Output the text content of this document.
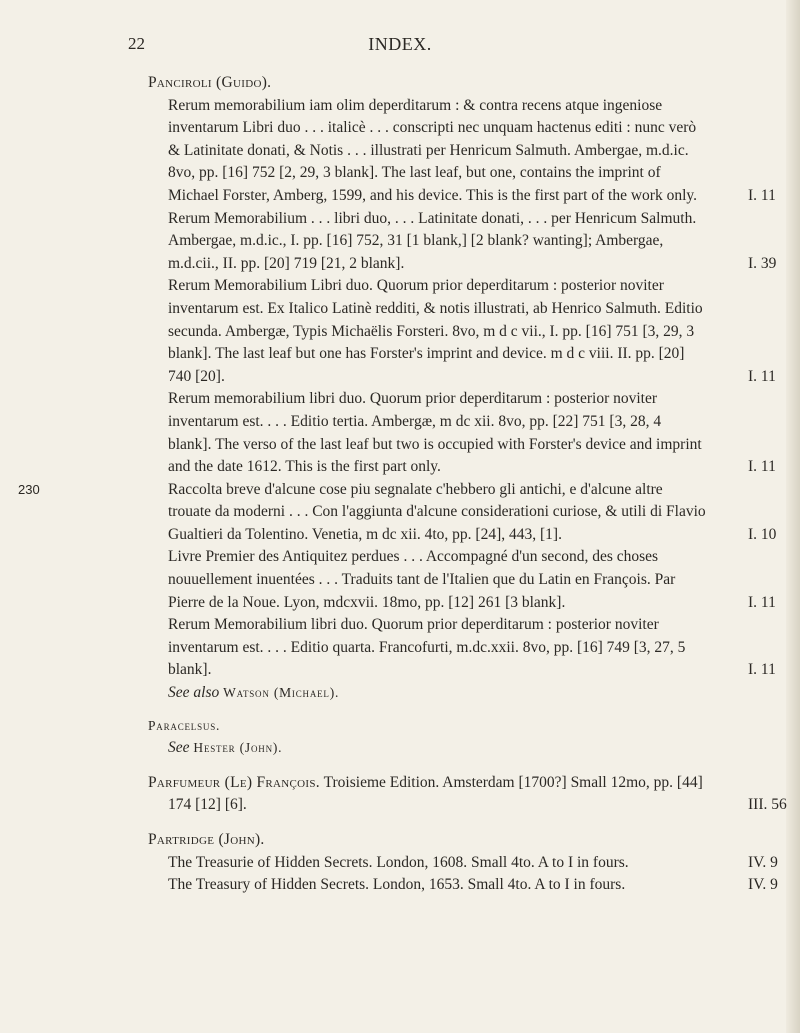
22	INDEX.
Panciroli (Guido).
Rerum memorabilium iam olim deperditarum : & contra recens atque ingeniose inventarum Libri duo . . . italicè . . . conscripti nec unquam hactenus editi : nunc verò & Latinitate donati, & Notis . . . illustrati per Henricum Salmuth. Ambergae, m.d.ic. 8vo, pp. [16] 752 [2, 29, 3 blank]. The last leaf, but one, contains the imprint of Michael Forster, Amberg, 1599, and his device. This is the first part of the work only.	I. 11
Rerum Memorabilium . . . libri duo, . . . Latinitate donati, . . . per Henricum Salmuth. Ambergae, m.d.ic., I. pp. [16] 752, 31 [1 blank,] [2 blank? wanting]; Ambergae, m.d.cii., II. pp. [20] 719 [21, 2 blank].	I. 39
Rerum Memorabilium Libri duo. Quorum prior deperditarum : posterior noviter inventarum est. Ex Italico Latinè redditi, & notis illustrati, ab Henrico Salmuth. Editio secunda. Ambergæ, Typis Michaëlis Forsteri. 8vo, m d c vii., I. pp. [16] 751 [3, 29, 3 blank]. The last leaf but one has Forster's imprint and device. m d c viii. II. pp. [20] 740 [20].	I. 11
Rerum memorabilium libri duo. Quorum prior deperditarum : posterior noviter inventarum est. . . . Editio tertia. Ambergæ, m dc xii. 8vo, pp. [22] 751 [3, 28, 4 blank]. The verso of the last leaf but two is occupied with Forster's device and imprint and the date 1612. This is the first part only.	I. 11
Raccolta breve d'alcune cose piu segnalate c'hebbero gli antichi, e d'alcune altre trouate da moderni . . . Con l'aggiunta d'alcune considerationi curiose, & utili di Flavio Gualtieri da Tolentino. Venetia, m dc xii. 4to, pp. [24], 443, [1].	I. 10
230
Livre Premier des Antiquitez perdues . . . Accompagné d'un second, des choses nouuellement inuentées . . . Traduits tant de l'Italien que du Latin en François. Par Pierre de la Noue. Lyon, mdcxvii. 18mo, pp. [12] 261 [3 blank].	I. 11
Rerum Memorabilium libri duo. Quorum prior deperditarum : posterior noviter inventarum est. . . . Editio quarta. Francofurti, m.dc.xxii. 8vo, pp. [16] 749 [3, 27, 5 blank].	I. 11
See also Watson (Michael).
Paracelsus.
See Hester (John).
Parfumeur (Le) François. Troisieme Edition. Amsterdam [1700?] Small 12mo, pp. [44] 174 [12] [6].	III. 56
Partridge (John).
The Treasurie of Hidden Secrets. London, 1608. Small 4to. A to I in fours.	IV. 9
The Treasury of Hidden Secrets. London, 1653. Small 4to. A to I in fours.	IV. 9
